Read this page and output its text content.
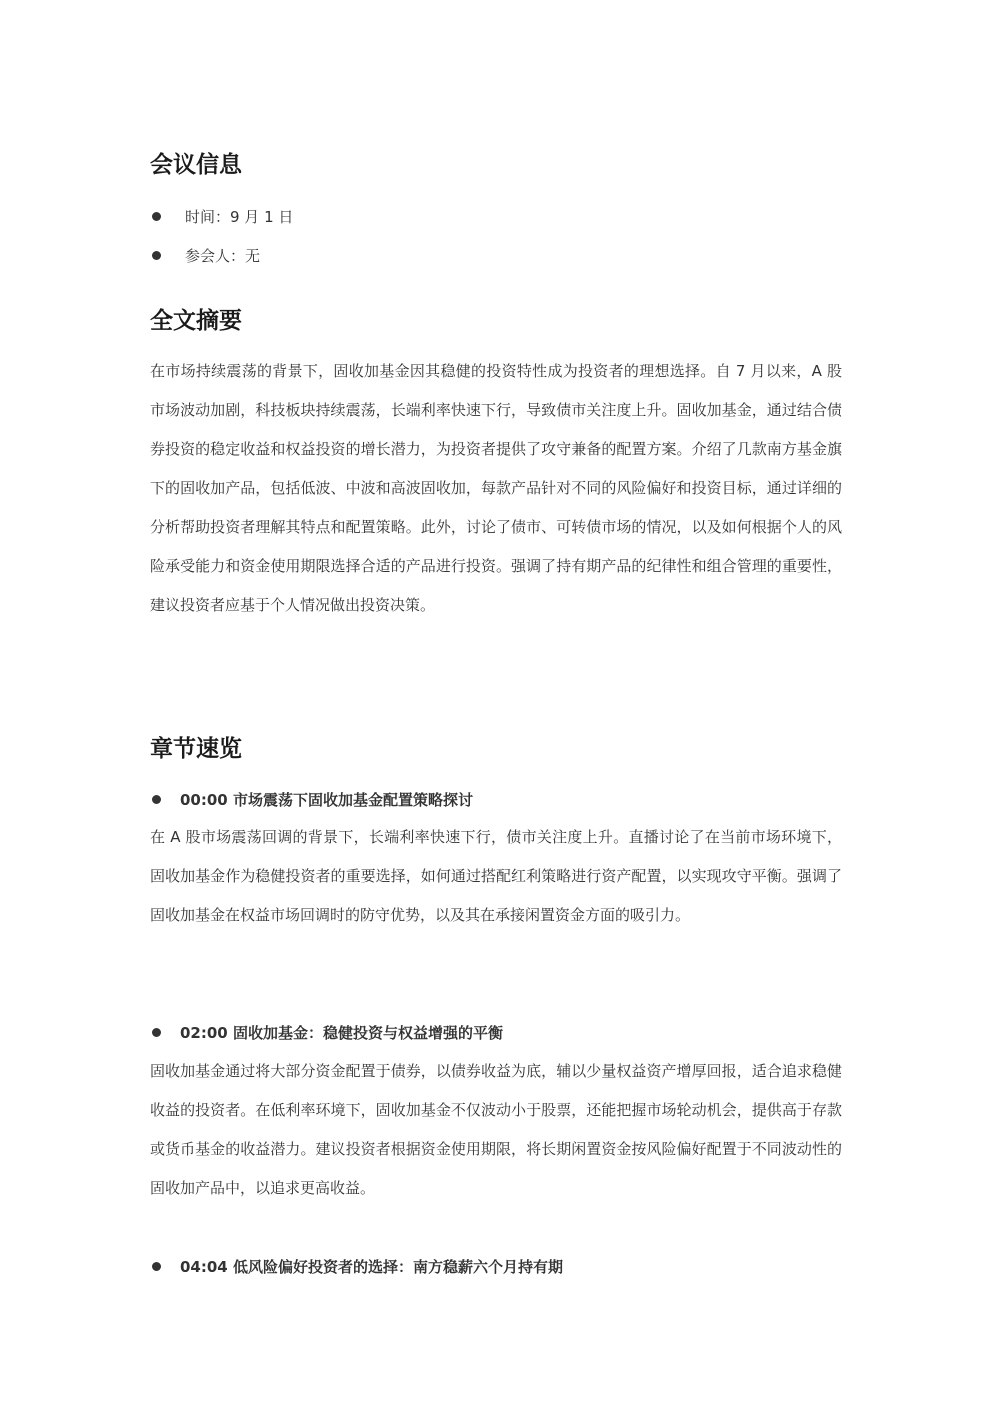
会议信息
时间：9 月 1 日
参会人：无
全文摘要

在市场持续震荡的背景下，固收加基金因其稳健的投资特性成为投资者的理想选择。自 7 月以来，A 股市场波动加剧，科技板块持续震荡，长端利率快速下行，导致债市关注度上升。固收加基金，通过结合债券投资的稳定收益和权益投资的增长潜力，为投资者提供了攻守兼备的配置方案。介绍了几款南方基金旗下的固收加产品，包括低波、中波和高波固收加，每款产品针对不同的风险偏好和投资目标，通过详细的分析帮助投资者理解其特点和配置策略。此外，讨论了债市、可转债市场的情况，以及如何根据个人的风险承受能力和资金使用期限选择合适的产品进行投资。强调了持有期产品的纪律性和组合管理的重要性，建议投资者应基于个人情况做出投资决策。

章节速览
00:00 市场震荡下固收加基金配置策略探讨

在 A 股市场震荡回调的背景下，长端利率快速下行，债市关注度上升。直播讨论了在当前市场环境下，固收加基金作为稳健投资者的重要选择，如何通过搭配红利策略进行资产配置，以实现攻守平衡。强调了固收加基金在权益市场回调时的防守优势，以及其在承接闲置资金方面的吸引力。

02:00 固收加基金：稳健投资与权益增强的平衡

固收加基金通过将大部分资金配置于债券，以债券收益为底，辅以少量权益资产增厚回报，适合追求稳健收益的投资者。在低利率环境下，固收加基金不仅波动小于股票，还能把握市场轮动机会，提供高于存款或货币基金的收益潜力。建议投资者根据资金使用期限，将长期闲置资金按风险偏好配置于不同波动性的固收加产品中，以追求更高收益。

04:04 低风险偏好投资者的选择：南方稳薪六个月持有期
